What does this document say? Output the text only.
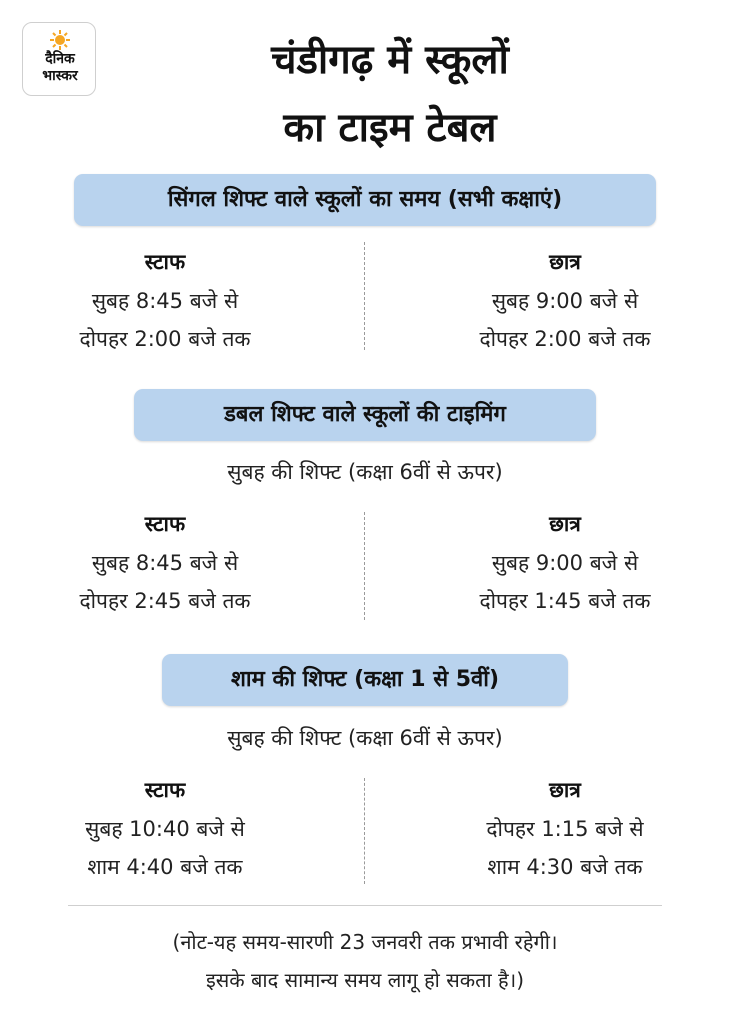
दैनिक
भास्कर	चंडीगढ़ में स्कूलों
का टाइम टेबल
सिंगल शिफ्ट वाले स्कूलों का समय (सभी कक्षाएं)
स्टाफ
सुबह 8:45 बजे से
दोपहर 2:00 बजे तक
छात्र
सुबह 9:00 बजे से
दोपहर 2:00 बजे तक
डबल शिफ्ट वाले स्कूलों की टाइमिंग
सुबह की शिफ्ट (कक्षा 6वीं से ऊपर)
स्टाफ
सुबह 8:45 बजे से
दोपहर 2:45 बजे तक
छात्र
सुबह 9:00 बजे से
दोपहर 1:45 बजे तक
शाम की शिफ्ट (कक्षा 1 से 5वीं)
सुबह की शिफ्ट (कक्षा 6वीं से ऊपर)
स्टाफ
सुबह 10:40 बजे से
शाम 4:40 बजे तक
छात्र
दोपहर 1:15 बजे से
शाम 4:30 बजे तक
(नोट-यह समय-सारणी 23 जनवरी तक प्रभावी रहेगी।
इसके बाद सामान्य समय लागू हो सकता है।)
